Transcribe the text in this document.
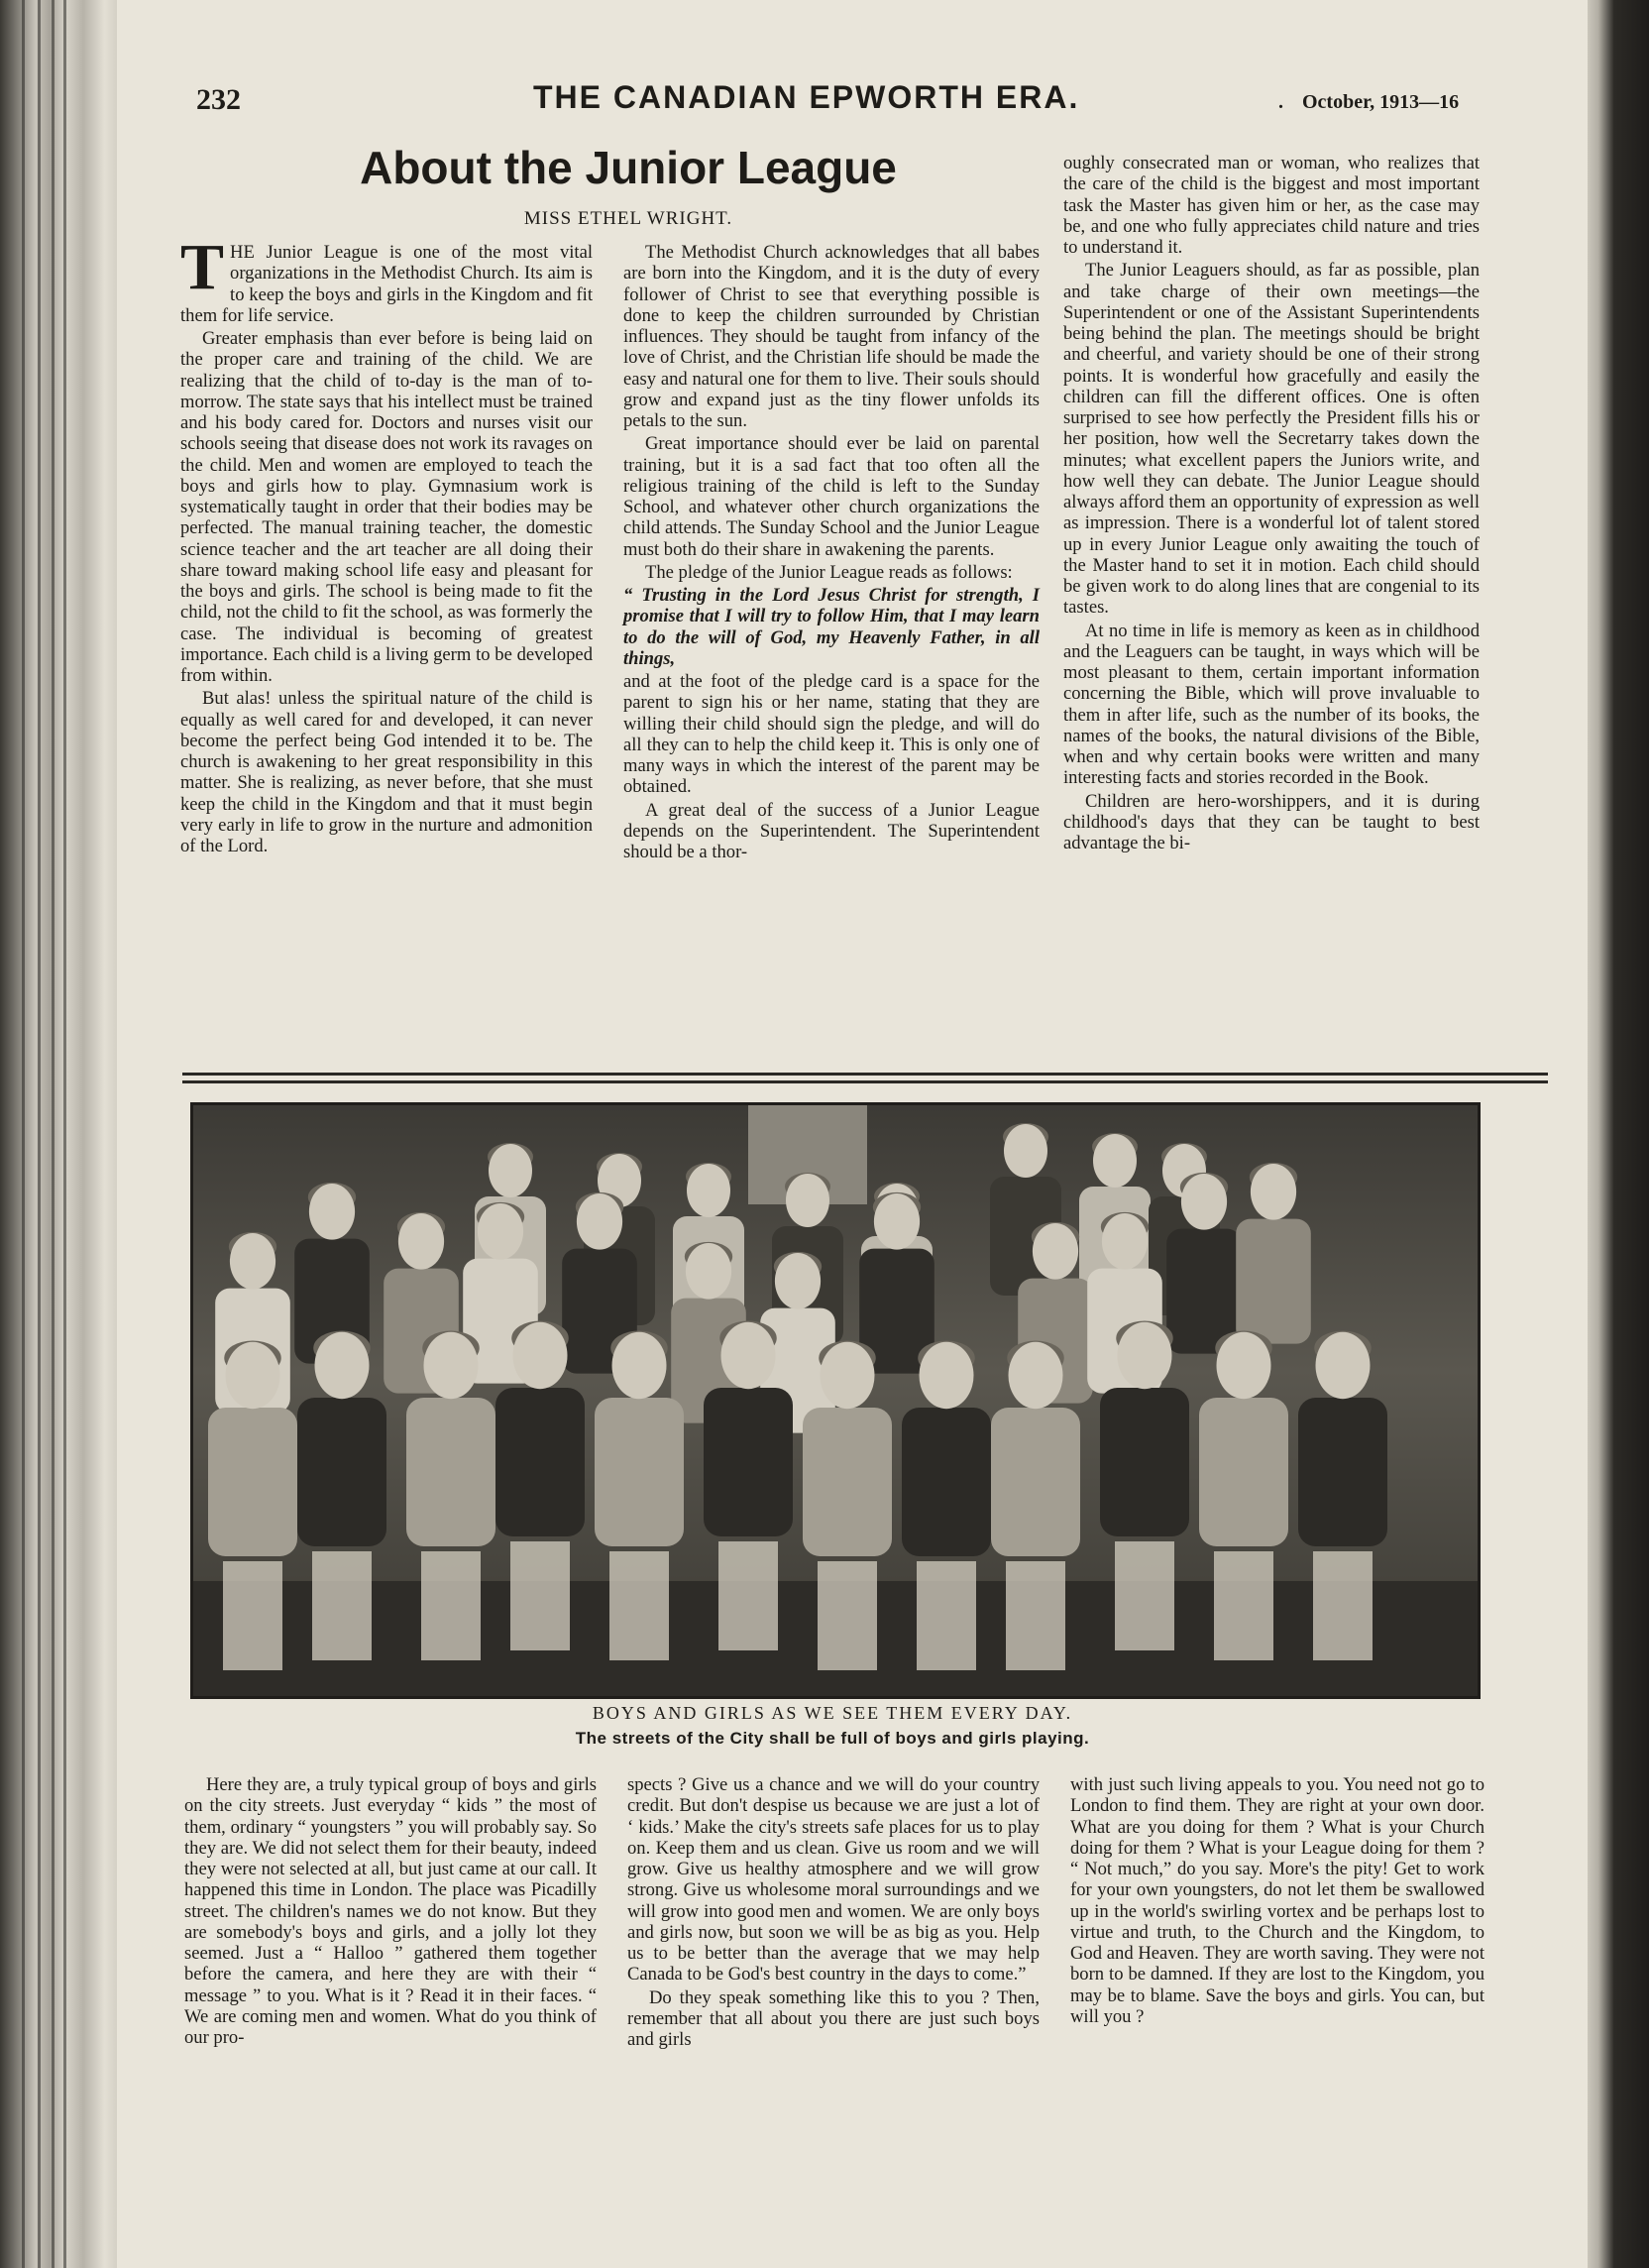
232	THE CANADIAN EPWORTH ERA.	. October, 1913—16
About the Junior League
MISS ETHEL WRIGHT.

THE Junior League is one of the most vital organizations in the Methodist Church. Its aim is to keep the boys and girls in the Kingdom and fit them for life service.

Greater emphasis than ever before is being laid on the proper care and training of the child. We are realizing that the child of to-day is the man of to-morrow. The state says that his intellect must be trained and his body cared for. Doctors and nurses visit our schools seeing that disease does not work its ravages on the child. Men and women are employed to teach the boys and girls how to play. Gymnasium work is systematically taught in order that their bodies may be perfected. The manual training teacher, the domestic science teacher and the art teacher are all doing their share toward making school life easy and pleasant for the boys and girls. The school is being made to fit the child, not the child to fit the school, as was formerly the case. The individual is becoming of greatest importance. Each child is a living germ to be developed from within.

But alas! unless the spiritual nature of the child is equally as well cared for and developed, it can never become the perfect being God intended it to be. The church is awakening to her great responsibility in this matter. She is realizing, as never before, that she must keep the child in the Kingdom and that it must begin very early in life to grow in the nurture and admonition of the Lord.

The Methodist Church acknowledges that all babes are born into the Kingdom, and it is the duty of every follower of Christ to see that everything possible is done to keep the children surrounded by Christian influences. They should be taught from infancy of the love of Christ, and the Christian life should be made the easy and natural one for them to live. Their souls should grow and expand just as the tiny flower unfolds its petals to the sun.

Great importance should ever be laid on parental training, but it is a sad fact that too often all the religious training of the child is left to the Sunday School, and whatever other church organizations the child attends. The Sunday School and the Junior League must both do their share in awakening the parents.

The pledge of the Junior League reads as follows:

“ Trusting in the Lord Jesus Christ for strength, I promise that I will try to follow Him, that I may learn to do the will of God, my Heavenly Father, in all things,

and at the foot of the pledge card is a space for the parent to sign his or her name, stating that they are willing their child should sign the pledge, and will do all they can to help the child keep it. This is only one of many ways in which the interest of the parent may be obtained.

A great deal of the success of a Junior League depends on the Superintendent. The Superintendent should be a thor-

oughly consecrated man or woman, who realizes that the care of the child is the biggest and most important task the Master has given him or her, as the case may be, and one who fully appreciates child nature and tries to understand it.

The Junior Leaguers should, as far as possible, plan and take charge of their own meetings—the Superintendent or one of the Assistant Superintendents being behind the plan. The meetings should be bright and cheerful, and variety should be one of their strong points. It is wonderful how gracefully and easily the children can fill the different offices. One is often surprised to see how perfectly the President fills his or her position, how well the Secretarry takes down the minutes; what excellent papers the Juniors write, and how well they can debate. The Junior League should always afford them an opportunity of expression as well as impression. There is a wonderful lot of talent stored up in every Junior League only awaiting the touch of the Master hand to set it in motion. Each child should be given work to do along lines that are congenial to its tastes.

At no time in life is memory as keen as in childhood and the Leaguers can be taught, in ways which will be most pleasant to them, certain important information concerning the Bible, which will prove invaluable to them in after life, such as the number of its books, the names of the books, the natural divisions of the Bible, when and why certain books were written and many interesting facts and stories recorded in the Book.

Children are hero-worshippers, and it is during childhood's days that they can be taught to best advantage the bi-

BOYS AND GIRLS AS WE SEE THEM EVERY DAY.
The streets of the City shall be full of boys and girls playing.

Here they are, a truly typical group of boys and girls on the city streets. Just everyday “ kids ” the most of them, ordinary “ youngsters ” you will probably say. So they are. We did not select them for their beauty, indeed they were not selected at all, but just came at our call. It happened this time in London. The place was Picadilly street. The children's names we do not know. But they are somebody's boys and girls, and a jolly lot they seemed. Just a “ Halloo ” gathered them together before the camera, and here they are with their “ message ” to you. What is it ? Read it in their faces. “ We are coming men and women. What do you think of our pro-

spects ? Give us a chance and we will do your country credit. But don't despise us because we are just a lot of ‘ kids.’ Make the city's streets safe places for us to play on. Keep them and us clean. Give us room and we will grow. Give us healthy atmosphere and we will grow strong. Give us wholesome moral surroundings and we will grow into good men and women. We are only boys and girls now, but soon we will be as big as you. Help us to be better than the average that we may help Canada to be God's best country in the days to come.”

Do they speak something like this to you ? Then, remember that all about you there are just such boys and girls

with just such living appeals to you. You need not go to London to find them. They are right at your own door. What are you doing for them ? What is your Church doing for them ? What is your League doing for them ? “ Not much,” do you say. More's the pity! Get to work for your own youngsters, do not let them be swallowed up in the world's swirling vortex and be perhaps lost to virtue and truth, to the Church and the Kingdom, to God and Heaven. They are worth saving. They were not born to be damned. If they are lost to the Kingdom, you may be to blame. Save the boys and girls. You can, but will you ?
